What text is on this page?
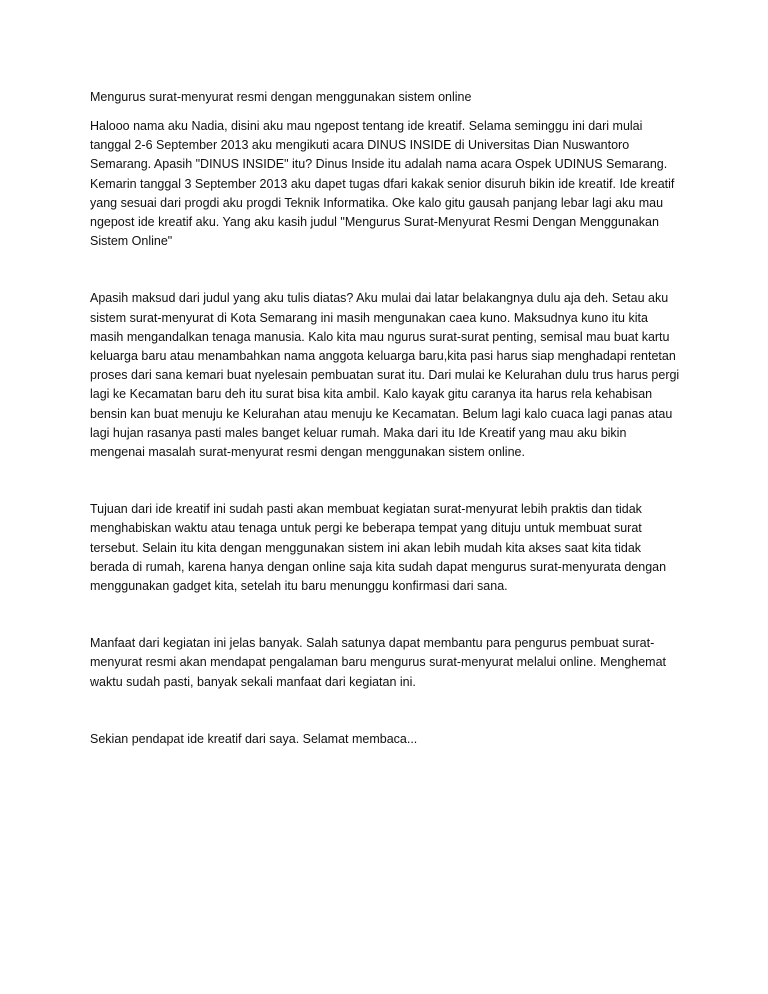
Mengurus surat-menyurat resmi dengan menggunakan sistem online

Halooo nama aku Nadia, disini aku mau ngepost tentang ide kreatif. Selama seminggu ini dari mulai tanggal 2-6 September 2013 aku mengikuti acara DINUS INSIDE di Universitas Dian Nuswantoro Semarang. Apasih "DINUS INSIDE" itu? Dinus Inside itu adalah nama acara Ospek UDINUS Semarang. Kemarin tanggal 3 September 2013 aku dapet tugas dfari kakak senior disuruh bikin ide kreatif. Ide kreatif yang sesuai dari progdi aku progdi Teknik Informatika. Oke kalo gitu gausah panjang lebar lagi aku mau ngepost ide kreatif aku. Yang aku kasih judul "Mengurus Surat-Menyurat Resmi Dengan Menggunakan Sistem Online"

Apasih maksud dari judul yang aku tulis diatas? Aku mulai dai latar belakangnya dulu aja deh. Setau aku sistem surat-menyurat di Kota Semarang ini masih mengunakan caea kuno. Maksudnya kuno itu kita masih mengandalkan tenaga manusia. Kalo kita mau ngurus surat-surat penting, semisal mau buat kartu keluarga baru atau menambahkan nama anggota keluarga baru,kita pasi harus siap menghadapi rentetan proses dari sana kemari buat nyelesain pembuatan surat itu. Dari mulai ke Kelurahan dulu trus harus pergi lagi ke Kecamatan baru deh itu surat bisa kita ambil. Kalo kayak gitu caranya ita harus rela kehabisan bensin kan buat menuju ke Kelurahan atau menuju ke Kecamatan. Belum lagi kalo cuaca lagi panas atau lagi hujan rasanya pasti males banget keluar rumah. Maka dari itu Ide Kreatif yang mau aku bikin mengenai masalah surat-menyurat resmi dengan menggunakan sistem online.

Tujuan dari ide kreatif ini sudah pasti akan membuat kegiatan surat-menyurat lebih praktis dan tidak menghabiskan waktu atau tenaga untuk pergi ke beberapa tempat yang dituju untuk membuat surat tersebut. Selain itu kita dengan menggunakan sistem ini akan lebih mudah kita akses saat kita tidak berada di rumah, karena hanya dengan online saja kita sudah dapat mengurus surat-menyurata dengan menggunakan gadget kita, setelah itu baru menunggu konfirmasi dari sana.

Manfaat dari kegiatan ini jelas banyak. Salah satunya dapat membantu para pengurus pembuat surat-menyurat resmi akan mendapat pengalaman baru mengurus surat-menyurat melalui online. Menghemat waktu sudah pasti, banyak sekali manfaat dari kegiatan ini.

Sekian pendapat ide kreatif dari saya. Selamat membaca...
